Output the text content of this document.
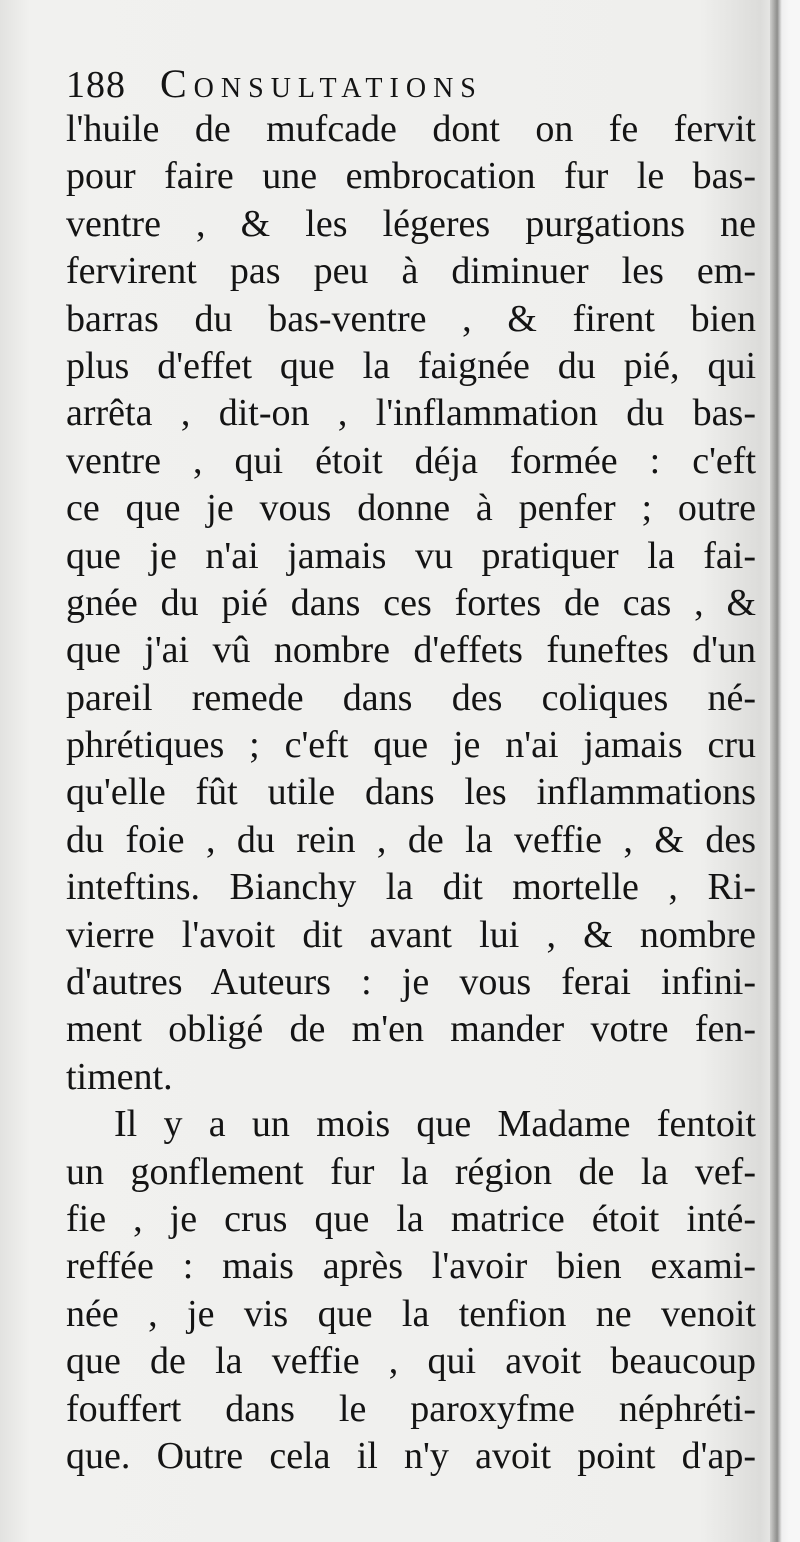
188 Consultations
l'huile de mufcade dont on fe fervit
pour faire une embrocation fur le bas-
ventre , & les légeres purgations ne
fervirent pas peu à diminuer les em-
barras du bas-ventre , & firent bien
plus d'effet que la faignée du pié, qui
arrêta , dit-on , l'inflammation du bas-
ventre , qui étoit déja formée : c'eft
ce que je vous donne à penfer ; outre
que je n'ai jamais vu pratiquer la fai-
gnée du pié dans ces fortes de cas , &
que j'ai vû nombre d'effets funeftes d'un
pareil remede dans des coliques né-
phrétiques ; c'eft que je n'ai jamais cru
qu'elle fût utile dans les inflammations
du foie , du rein , de la veffie , & des
inteftins. Bianchy la dit mortelle , Ri-
vierre l'avoit dit avant lui , & nombre
d'autres Auteurs : je vous ferai infini-
ment obligé de m'en mander votre fen-
timent.
Il y a un mois que Madame fentoit
un gonflement fur la région de la vef-
fie , je crus que la matrice étoit inté-
reffée : mais après l'avoir bien exami-
née , je vis que la tenfion ne venoit
que de la veffie , qui avoit beaucoup
fouffert dans le paroxyfme néphréti-
que. Outre cela il n'y avoit point d'ap-
